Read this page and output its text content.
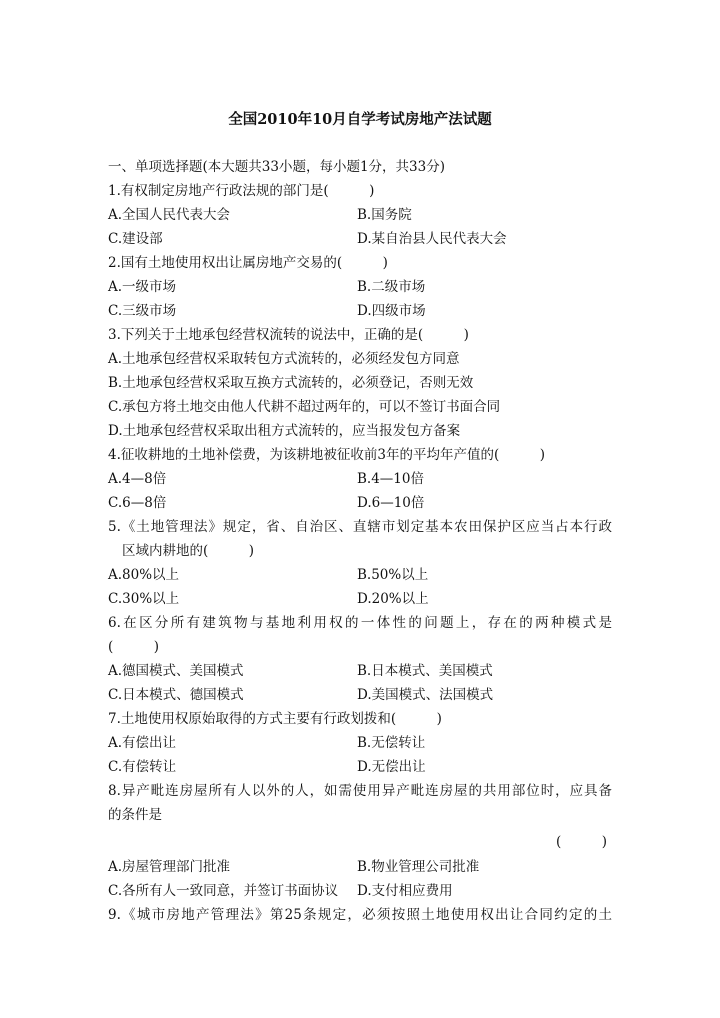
全国2010年10月自学考试房地产法试题
一、单项选择题(本大题共33小题，每小题1分，共33分)
1.有权制定房地产行政法规的部门是(　　　)
A.全国人民代表大会	B.国务院
C.建设部	D.某自治县人民代表大会
2.国有土地使用权出让属房地产交易的(　　　)
A.一级市场	B.二级市场
C.三级市场	D.四级市场
3.下列关于土地承包经营权流转的说法中，正确的是(　　　)
A.土地承包经营权采取转包方式流转的，必须经发包方同意
B.土地承包经营权采取互换方式流转的，必须登记，否则无效
C.承包方将土地交由他人代耕不超过两年的，可以不签订书面合同
D.土地承包经营权采取出租方式流转的，应当报发包方备案
4.征收耕地的土地补偿费，为该耕地被征收前3年的平均年产值的(　　　)
A.4—8倍	B.4—10倍
C.6—8倍	D.6—10倍
5.《土地管理法》规定，省、自治区、直辖市划定基本农田保护区应当占本行政
区域内耕地的(　　　)
A.80%以上	B.50%以上
C.30%以上	D.20%以上
6.在区分所有建筑物与基地利用权的一体性的问题上，存在的两种模式是
(　　　)
A.德国模式、美国模式	B.日本模式、美国模式
C.日本模式、德国模式	D.美国模式、法国模式
7.土地使用权原始取得的方式主要有行政划拨和(　　　)
A.有偿出让	B.无偿转让
C.有偿转让	D.无偿出让
8.异产毗连房屋所有人以外的人，如需使用异产毗连房屋的共用部位时，应具备
的条件是
(　　　)
A.房屋管理部门批准	B.物业管理公司批准
C.各所有人一致同意，并签订书面协议 D.支付相应费用
9.《城市房地产管理法》第25条规定，必须按照土地使用权出让合同约定的土
